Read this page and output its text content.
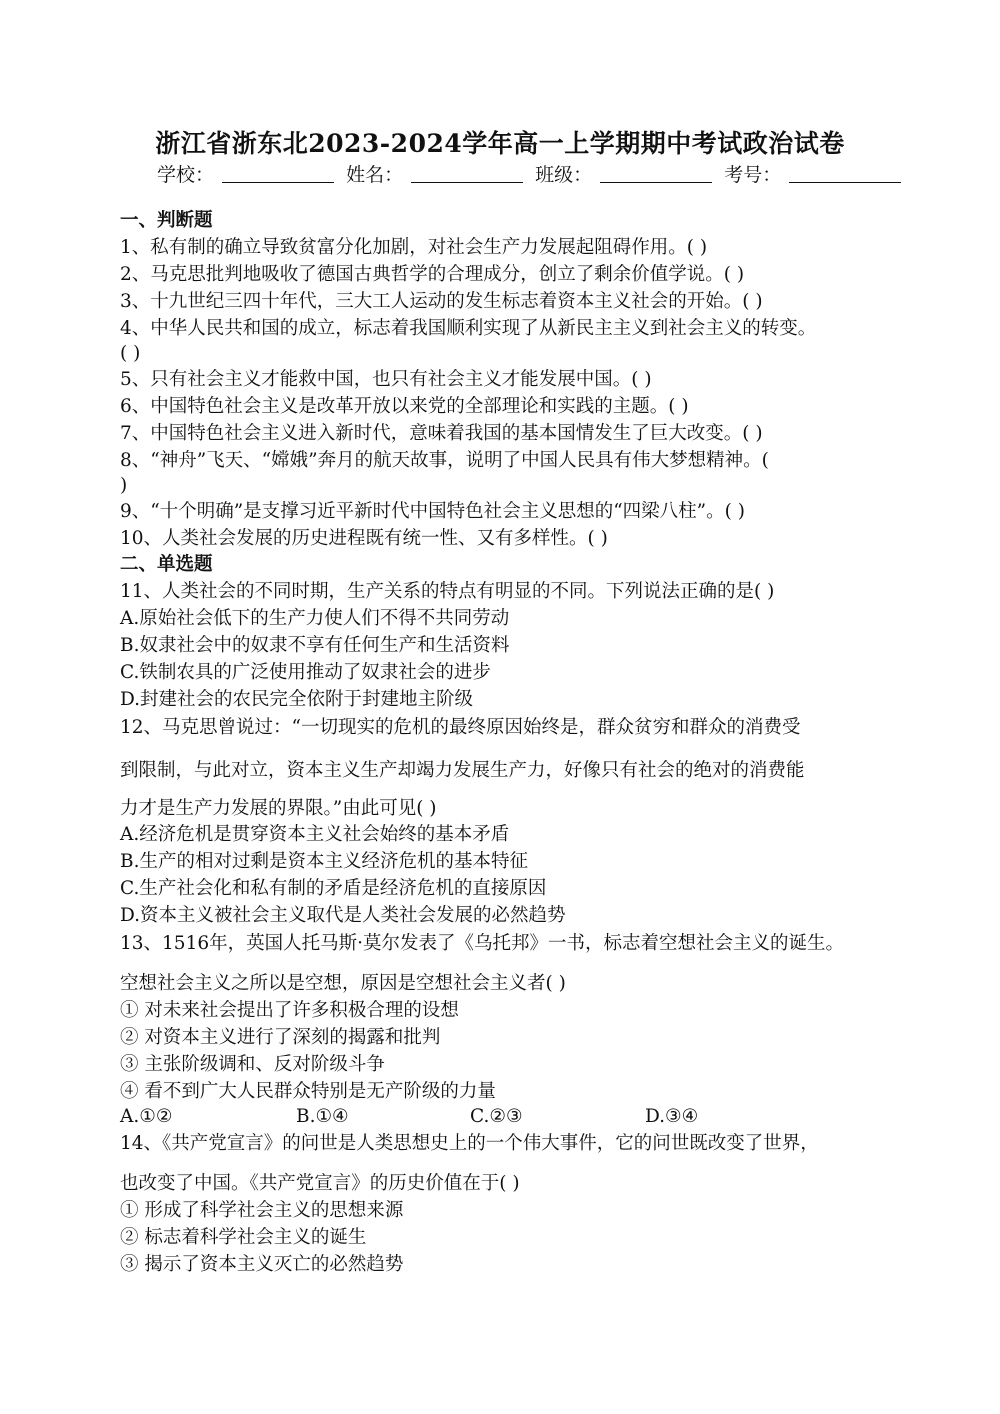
浙江省浙东北2023-2024学年高一上学期期中考试政治试卷
学校：	姓名：	班级：	考号：
一、判断题
1、私有制的确立导致贫富分化加剧，对社会生产力发展起阻碍作用。( )
2、马克思批判地吸收了德国古典哲学的合理成分，创立了剩余价值学说。( )
3、十九世纪三四十年代，三大工人运动的发生标志着资本主义社会的开始。( )
4、中华人民共和国的成立，标志着我国顺利实现了从新民主主义到社会主义的转变。
( )
5、只有社会主义才能救中国，也只有社会主义才能发展中国。( )
6、中国特色社会主义是改革开放以来党的全部理论和实践的主题。( )
7、中国特色社会主义进入新时代，意味着我国的基本国情发生了巨大改变。( )
8、“神舟”飞天、“嫦娥”奔月的航天故事，说明了中国人民具有伟大梦想精神。(
)
9、“十个明确”是支撑习近平新时代中国特色社会主义思想的“四梁八柱”。( )
10、人类社会发展的历史进程既有统一性、又有多样性。( )
二、单选题
11、人类社会的不同时期，生产关系的特点有明显的不同。下列说法正确的是( )
A.原始社会低下的生产力使人们不得不共同劳动
B.奴隶社会中的奴隶不享有任何生产和生活资料
C.铁制农具的广泛使用推动了奴隶社会的进步
D.封建社会的农民完全依附于封建地主阶级
12、马克思曾说过：“一切现实的危机的最终原因始终是，群众贫穷和群众的消费受
到限制，与此对立，资本主义生产却竭力发展生产力，好像只有社会的绝对的消费能
力才是生产力发展的界限。”由此可见( )
A.经济危机是贯穿资本主义社会始终的基本矛盾
B.生产的相对过剩是资本主义经济危机的基本特征
C.生产社会化和私有制的矛盾是经济危机的直接原因
D.资本主义被社会主义取代是人类社会发展的必然趋势
13、1516年，英国人托马斯·莫尔发表了《乌托邦》一书，标志着空想社会主义的诞生。
空想社会主义之所以是空想，原因是空想社会主义者( )
① 对未来社会提出了许多积极合理的设想
② 对资本主义进行了深刻的揭露和批判
③ 主张阶级调和、反对阶级斗争
④ 看不到广大人民群众特别是无产阶级的力量
A.①②	B.①④	C.②③	D.③④
14、《共产党宣言》的问世是人类思想史上的一个伟大事件，它的问世既改变了世界，
也改变了中国。《共产党宣言》的历史价值在于( )
① 形成了科学社会主义的思想来源
② 标志着科学社会主义的诞生
③ 揭示了资本主义灭亡的必然趋势
